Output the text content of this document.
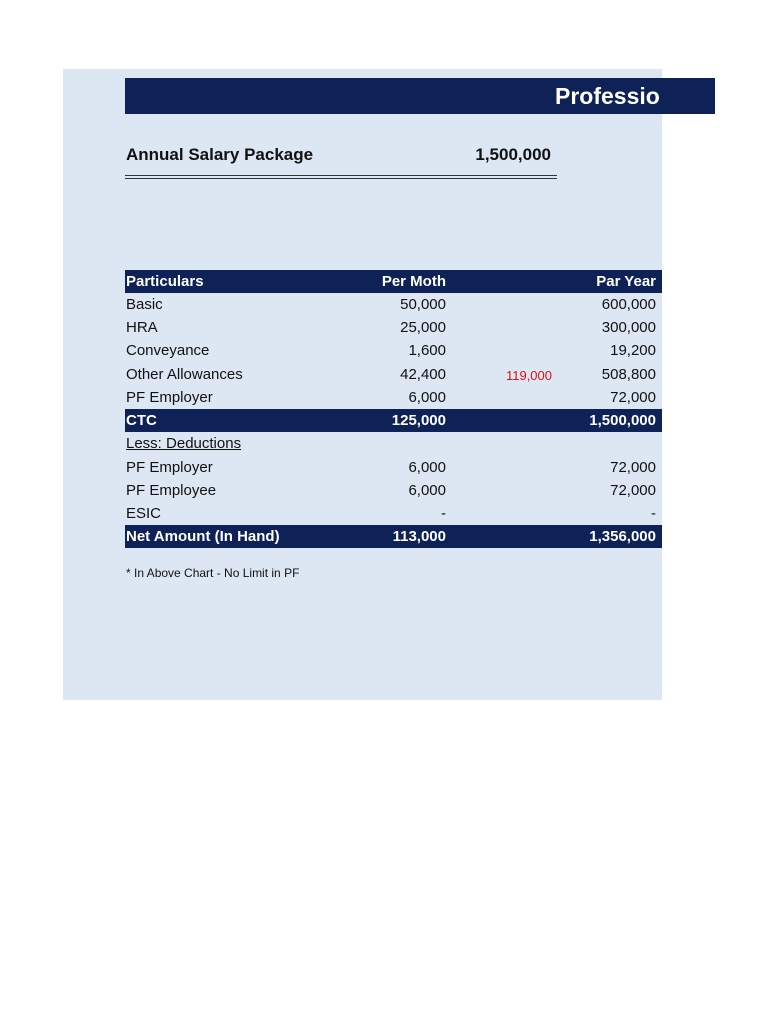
Professio
Annual Salary Package	1,500,000
Particulars	Per Moth	Par Year
Basic	50,000	600,000
HRA	25,000	300,000
Conveyance	1,600	19,200
Other Allowances	42,400	119,000	508,800
PF Employer	6,000	72,000
CTC	125,000	1,500,000
Less: Deductions
PF Employer	6,000	72,000
PF Employee	6,000	72,000
ESIC	-	-
Net Amount (In Hand)	113,000	1,356,000
* In Above Chart - No Limit in PF
